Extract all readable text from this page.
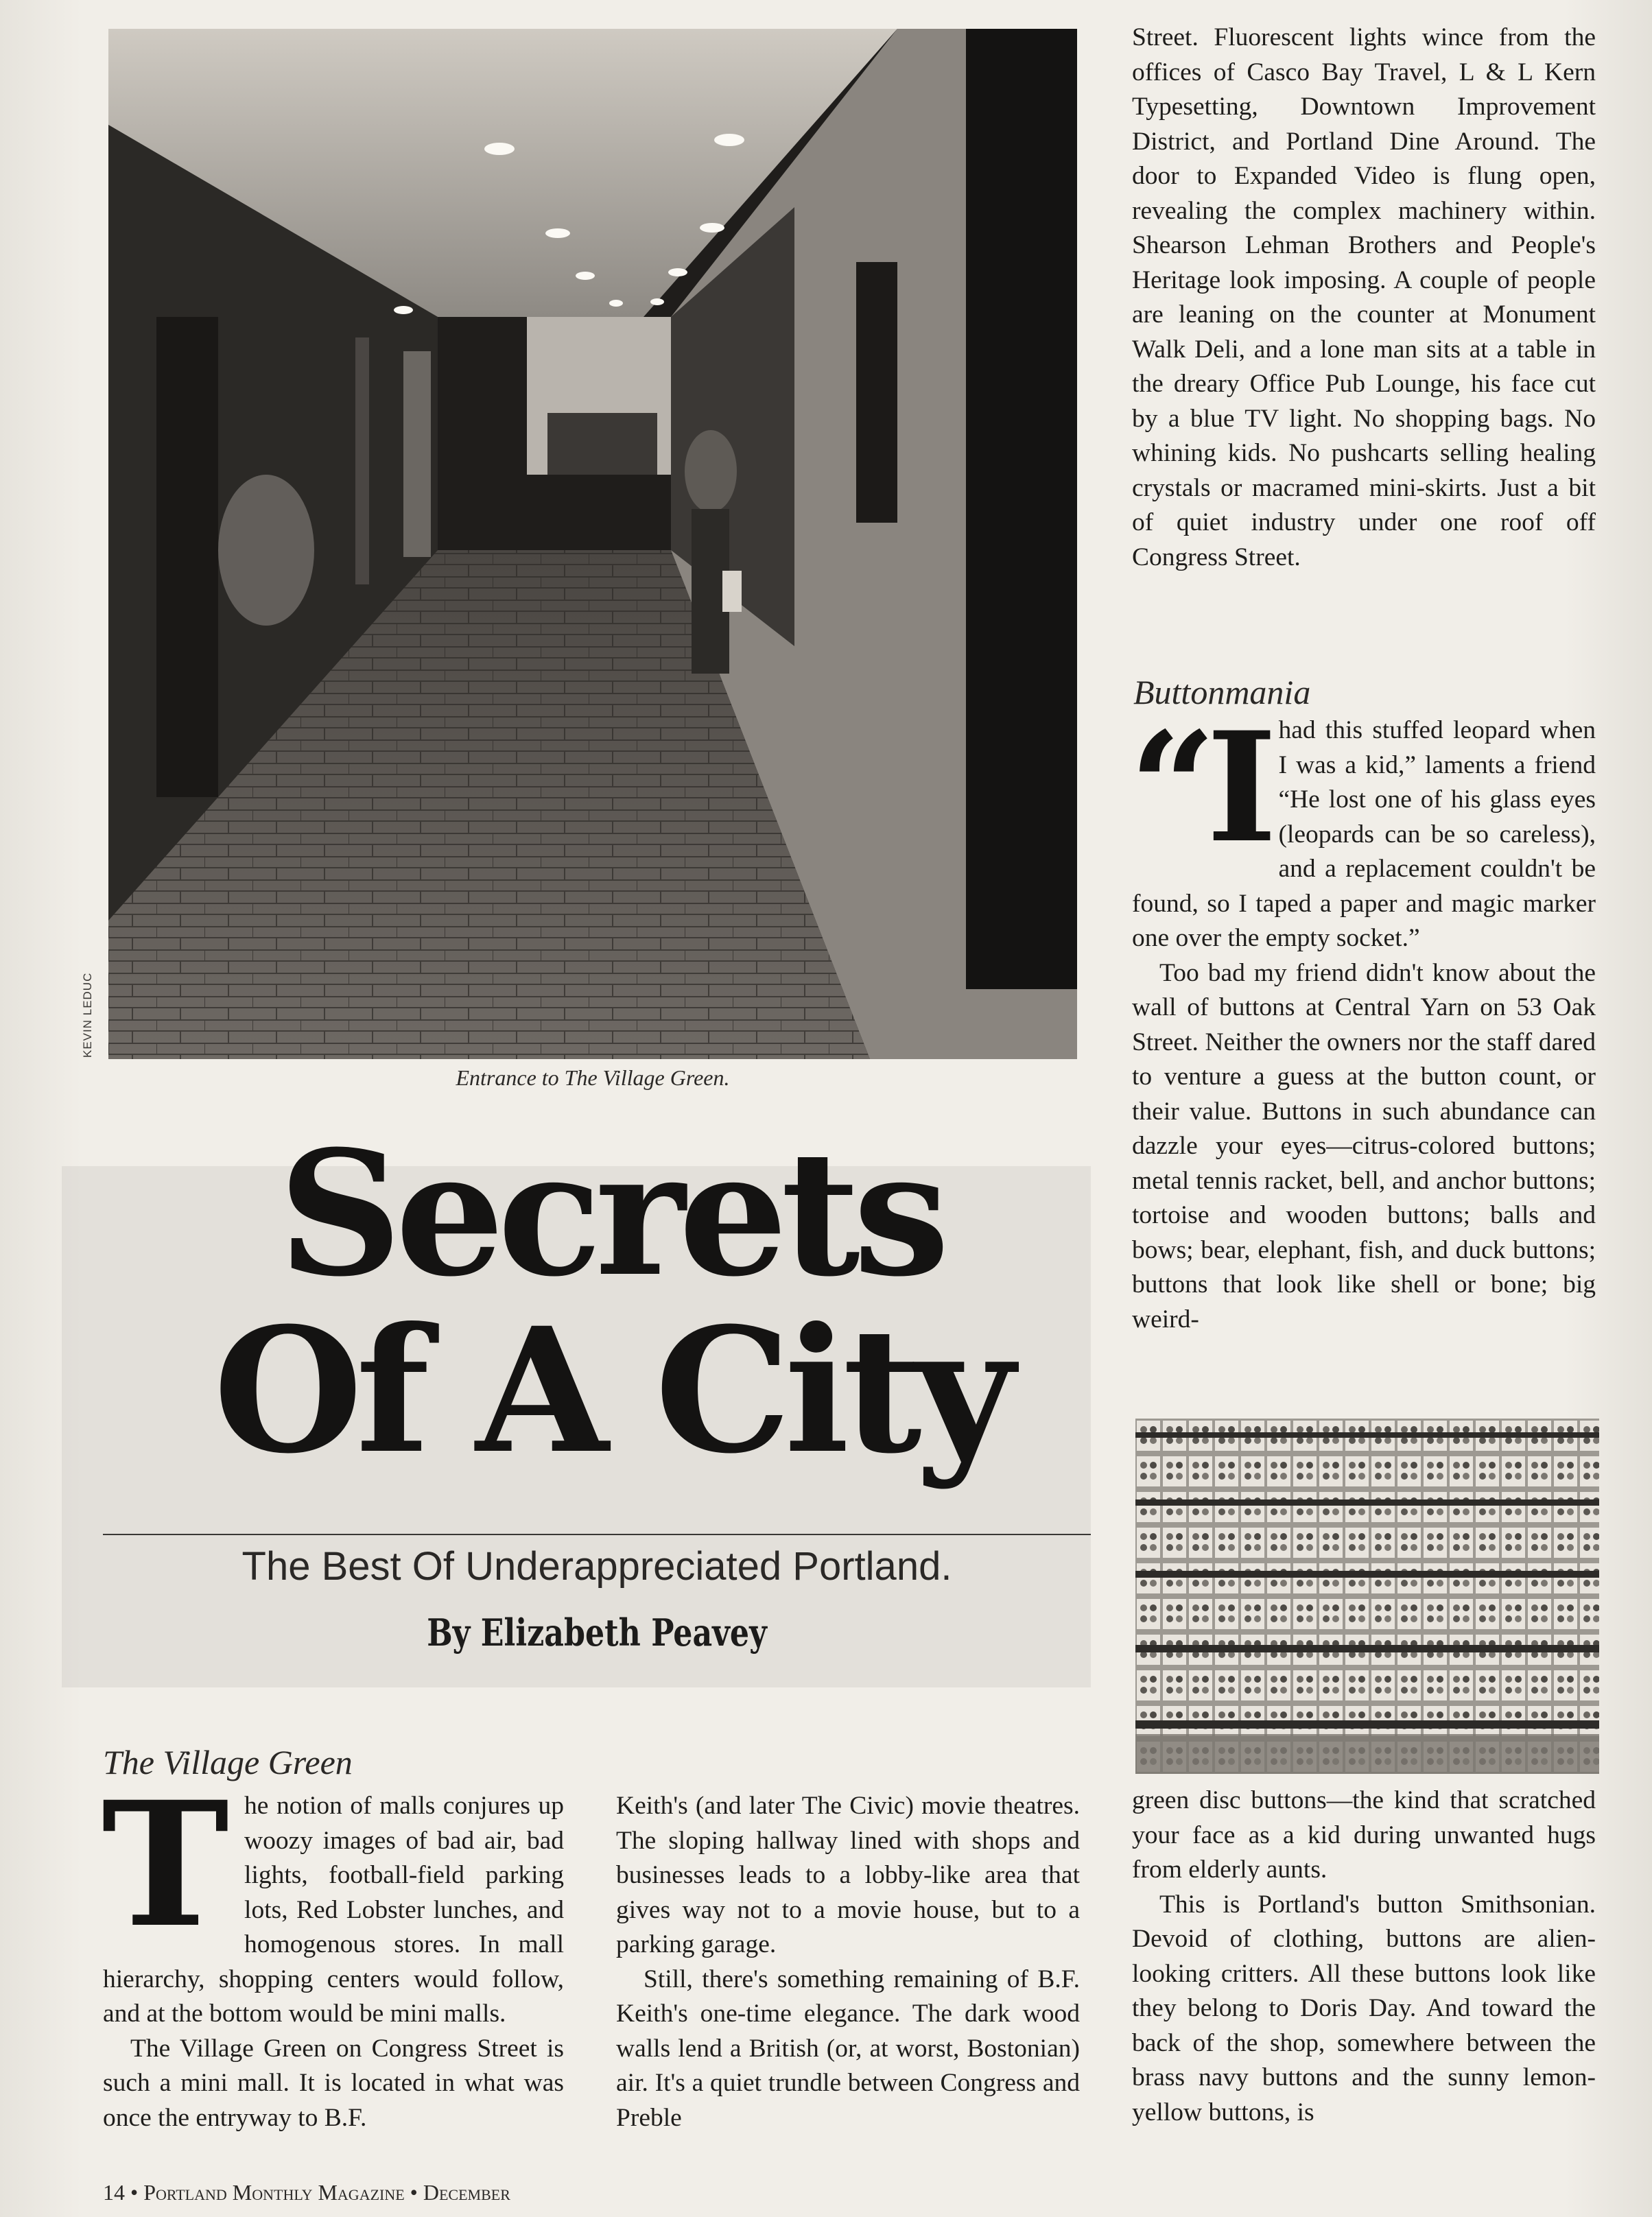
KEVIN LEDUC
Entrance to The Village Green.
Secrets
Of A City
The Best Of Underappreciated Portland.
By Elizabeth Peavey
The Village Green

The notion of malls conjures up woozy images of bad air, bad lights, football-field parking lots, Red Lobster lunches, and homogenous stores. In mall hierarchy, shopping centers would follow, and at the bottom would be mini malls.

The Village Green on Congress Street is such a mini mall. It is located in what was once the entryway to B.F.

Keith's (and later The Civic) movie theatres. The sloping hallway lined with shops and businesses leads to a lobby-like area that gives way not to a movie house, but to a parking garage.

Still, there's something remaining of B.F. Keith's one-time elegance. The dark wood walls lend a British (or, at worst, Bostonian) air. It's a quiet trundle between Congress and Preble

Street. Fluorescent lights wince from the offices of Casco Bay Travel, L & L Kern Typesetting, Downtown Improvement District, and Portland Dine Around. The door to Expanded Video is flung open, revealing the complex machinery within. Shearson Lehman Brothers and People's Heritage look imposing. A couple of people are leaning on the counter at Monument Walk Deli, and a lone man sits at a table in the dreary Office Pub Lounge, his face cut by a blue TV light. No shopping bags. No whining kids. No pushcarts selling healing crystals or macramed mini-skirts. Just a bit of quiet industry under one roof off Congress Street.

Buttonmania

“Ihad this stuffed leopard when I was a kid,” laments a friend “He lost one of his glass eyes (leopards can be so careless), and a replacement couldn't be found, so I taped a paper and magic marker one over the empty socket.”

Too bad my friend didn't know about the wall of buttons at Central Yarn on 53 Oak Street. Neither the owners nor the staff dared to venture a guess at the button count, or their value. Buttons in such abundance can dazzle your eyes—citrus-colored buttons; metal tennis racket, bell, and anchor buttons; tortoise and wooden buttons; balls and bows; bear, elephant, fish, and duck buttons; buttons that look like shell or bone; big weird-

green disc buttons—the kind that scratched your face as a kid during unwanted hugs from elderly aunts.

This is Portland's button Smithsonian. Devoid of clothing, buttons are alien-looking critters. All these buttons look like they belong to Doris Day. And toward the back of the shop, somewhere between the brass navy buttons and the sunny lemon-yellow buttons, is

14 • Portland Monthly Magazine • December
